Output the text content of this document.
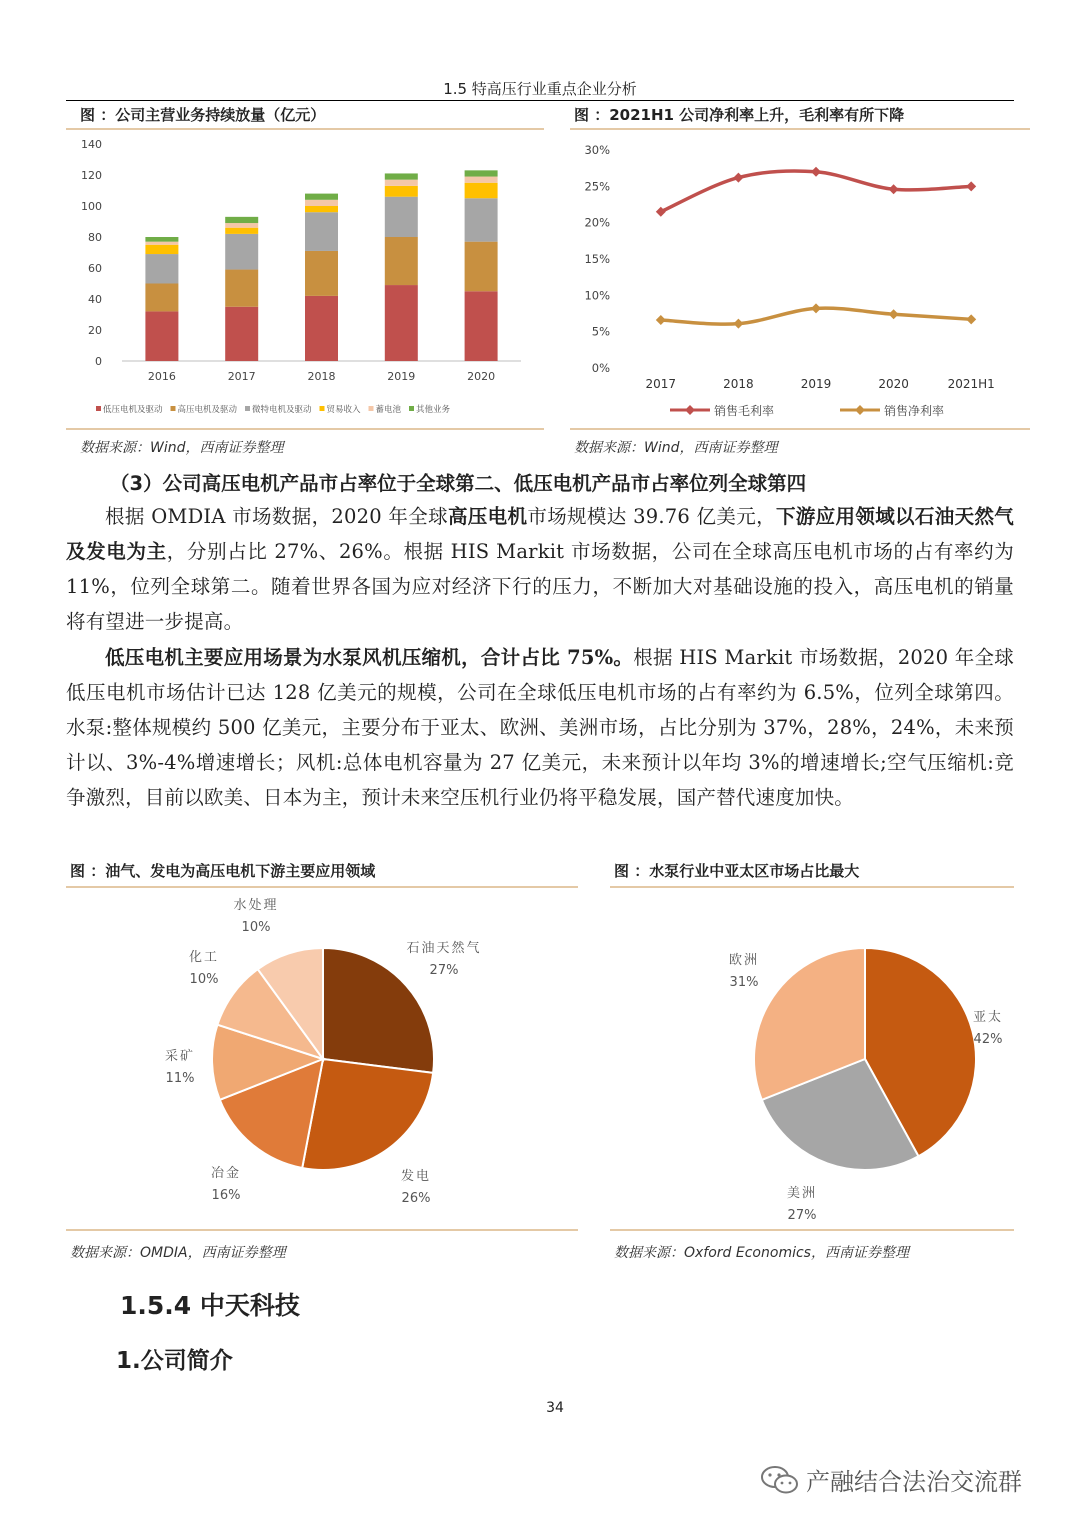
1.5 特高压行业重点企业分析
图 ：公司主营业务持续放量（亿元）	图 ：2021H1 公司净利率上升，毛利率有所下降
0
20
40
60
80
100
120
140
2016	2017	2018	2019	2020
低压电机及驱动 高压电机及驱动 微特电机及驱动 贸易收入 蓄电池 其他业务
0%
5%
10%
15%
20%
25%
30%
2017	2018	2019	2020	2021H1
销售毛利率	销售净利率
数据来源：Wind，西南证券整理	数据来源：Wind，西南证券整理
（3）公司高压电机产品市占率位于全球第二、低压电机产品市占率位列全球第四

根据 OMDIA 市场数据，2020 年全球高压电机市场规模达 39.76 亿美元，下游应用领域以石油天然气及发电为主，分别占比 27%、26%。根据 HIS Markit 市场数据，公司在全球高压电机市场的占有率约为 11%，位列全球第二。随着世界各国为应对经济下行的压力，不断加大对基础设施的投入，高压电机的销量将有望进一步提高。

低压电机主要应用场景为水泵风机压缩机，合计占比 75%。根据 HIS Markit 市场数据，2020 年全球低压电机市场估计已达 128 亿美元的规模，公司在全球低压电机市场的占有率约为 6.5%，位列全球第四。水泵:整体规模约 500 亿美元，主要分布于亚太、欧洲、美洲市场，占比分别为 37%，28%，24%，未来预计以、3%-4%增速增长；风机:总体电机容量为 27 亿美元，未来预计以年均 3%的增速增长;空气压缩机:竞争激烈，目前以欧美、日本为主，预计未来空压机行业仍将平稳发展，国产替代速度加快。

图 ：油气、发电为高压电机下游主要应用领域	图 ：水泵行业中亚太区市场占比最大
石油天然气
27%
发电
26%
冶金
16%
采矿
11%
化工
10%
水处理
10%
亚太
42%
美洲
27%
欧洲
31%
数据来源：OMDIA，西南证券整理	数据来源：Oxford Economics，西南证券整理
1.5.4 中天科技
1.公司简介
34
产融结合法治交流群
